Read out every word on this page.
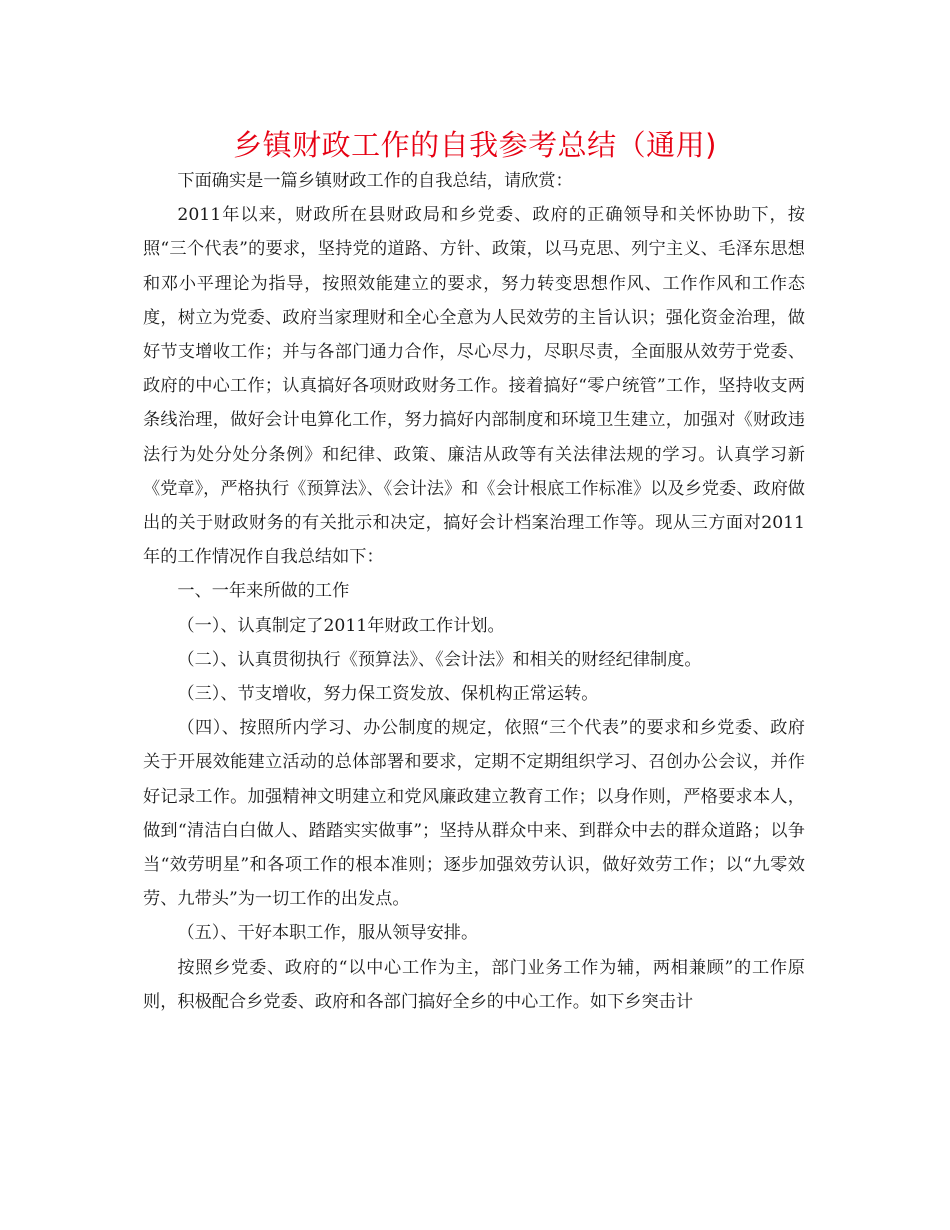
乡镇财政工作的自我参考总结（通用)

下面确实是一篇乡镇财政工作的自我总结，请欣赏：

2011年以来，财政所在县财政局和乡党委、政府的正确领导和关怀协助下，按照“三个代表”的要求，坚持党的道路、方针、政策，以马克思、列宁主义、毛泽东思想和邓小平理论为指导，按照效能建立的要求，努力转变思想作风、工作作风和工作态度，树立为党委、政府当家理财和全心全意为人民效劳的主旨认识；强化资金治理，做好节支增收工作；并与各部门通力合作，尽心尽力，尽职尽责，全面服从效劳于党委、政府的中心工作；认真搞好各项财政财务工作。接着搞好“零户统管”工作，坚持收支两条线治理，做好会计电算化工作，努力搞好内部制度和环境卫生建立，加强对《财政违法行为处分处分条例》和纪律、政策、廉洁从政等有关法律法规的学习。认真学习新《党章》，严格执行《预算法》、《会计法》和《会计根底工作标准》以及乡党委、政府做出的关于财政财务的有关批示和决定，搞好会计档案治理工作等。现从三方面对2011年的工作情况作自我总结如下：

一、一年来所做的工作

（一）、认真制定了2011年财政工作计划。

（二）、认真贯彻执行《预算法》、《会计法》和相关的财经纪律制度。

（三）、节支增收，努力保工资发放、保机构正常运转。

（四）、按照所内学习、办公制度的规定，依照“三个代表”的要求和乡党委、政府关于开展效能建立活动的总体部署和要求，定期不定期组织学习、召创办公会议，并作好记录工作。加强精神文明建立和党风廉政建立教育工作；以身作则，严格要求本人，做到“清洁白白做人、踏踏实实做事”；坚持从群众中来、到群众中去的群众道路；以争当“效劳明星”和各项工作的根本准则；逐步加强效劳认识，做好效劳工作；以“九零效劳、九带头”为一切工作的出发点。

（五）、干好本职工作，服从领导安排。

按照乡党委、政府的“以中心工作为主，部门业务工作为辅，两相兼顾”的工作原则，积极配合乡党委、政府和各部门搞好全乡的中心工作。如下乡突击计
